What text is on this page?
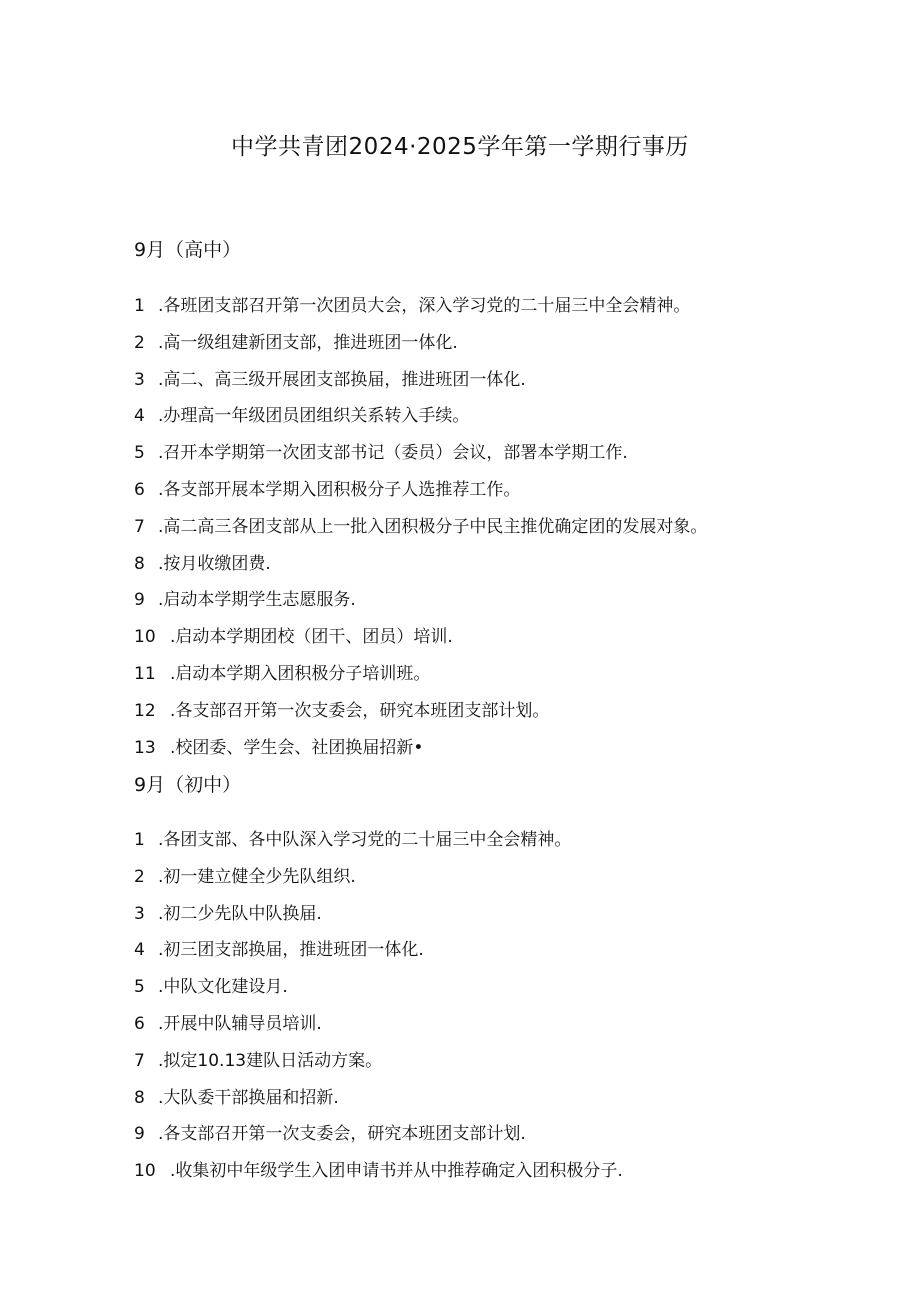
中学共青团2024·2025学年第一学期行事历
9月（高中）
1 .各班团支部召开第一次团员大会，深入学习党的二十届三中全会精神。
2 .高一级组建新团支部，推进班团一体化.
3 .高二、高三级开展团支部换届，推进班团一体化.
4 .办理高一年级团员团组织关系转入手续。
5 .召开本学期第一次团支部书记（委员）会议，部署本学期工作.
6 .各支部开展本学期入团积极分子人选推荐工作。
7 .高二高三各团支部从上一批入团积极分子中民主推优确定团的发展对象。
8 .按月收缴团费.
9 .启动本学期学生志愿服务.
10 .启动本学期团校（团干、团员）培训.
11 .启动本学期入团积极分子培训班。
12 .各支部召开第一次支委会，研究本班团支部计划。
13 .校团委、学生会、社团换届招新•
9月（初中）
1 .各团支部、各中队深入学习党的二十届三中全会精神。
2 .初一建立健全少先队组织.
3 .初二少先队中队换届.
4 .初三团支部换届，推进班团一体化.
5 .中队文化建设月.
6 .开展中队辅导员培训.
7 .拟定10.13建队日活动方案。
8 .大队委干部换届和招新.
9 .各支部召开第一次支委会，研究本班团支部计划.
10 .收集初中年级学生入团申请书并从中推荐确定入团积极分子.
